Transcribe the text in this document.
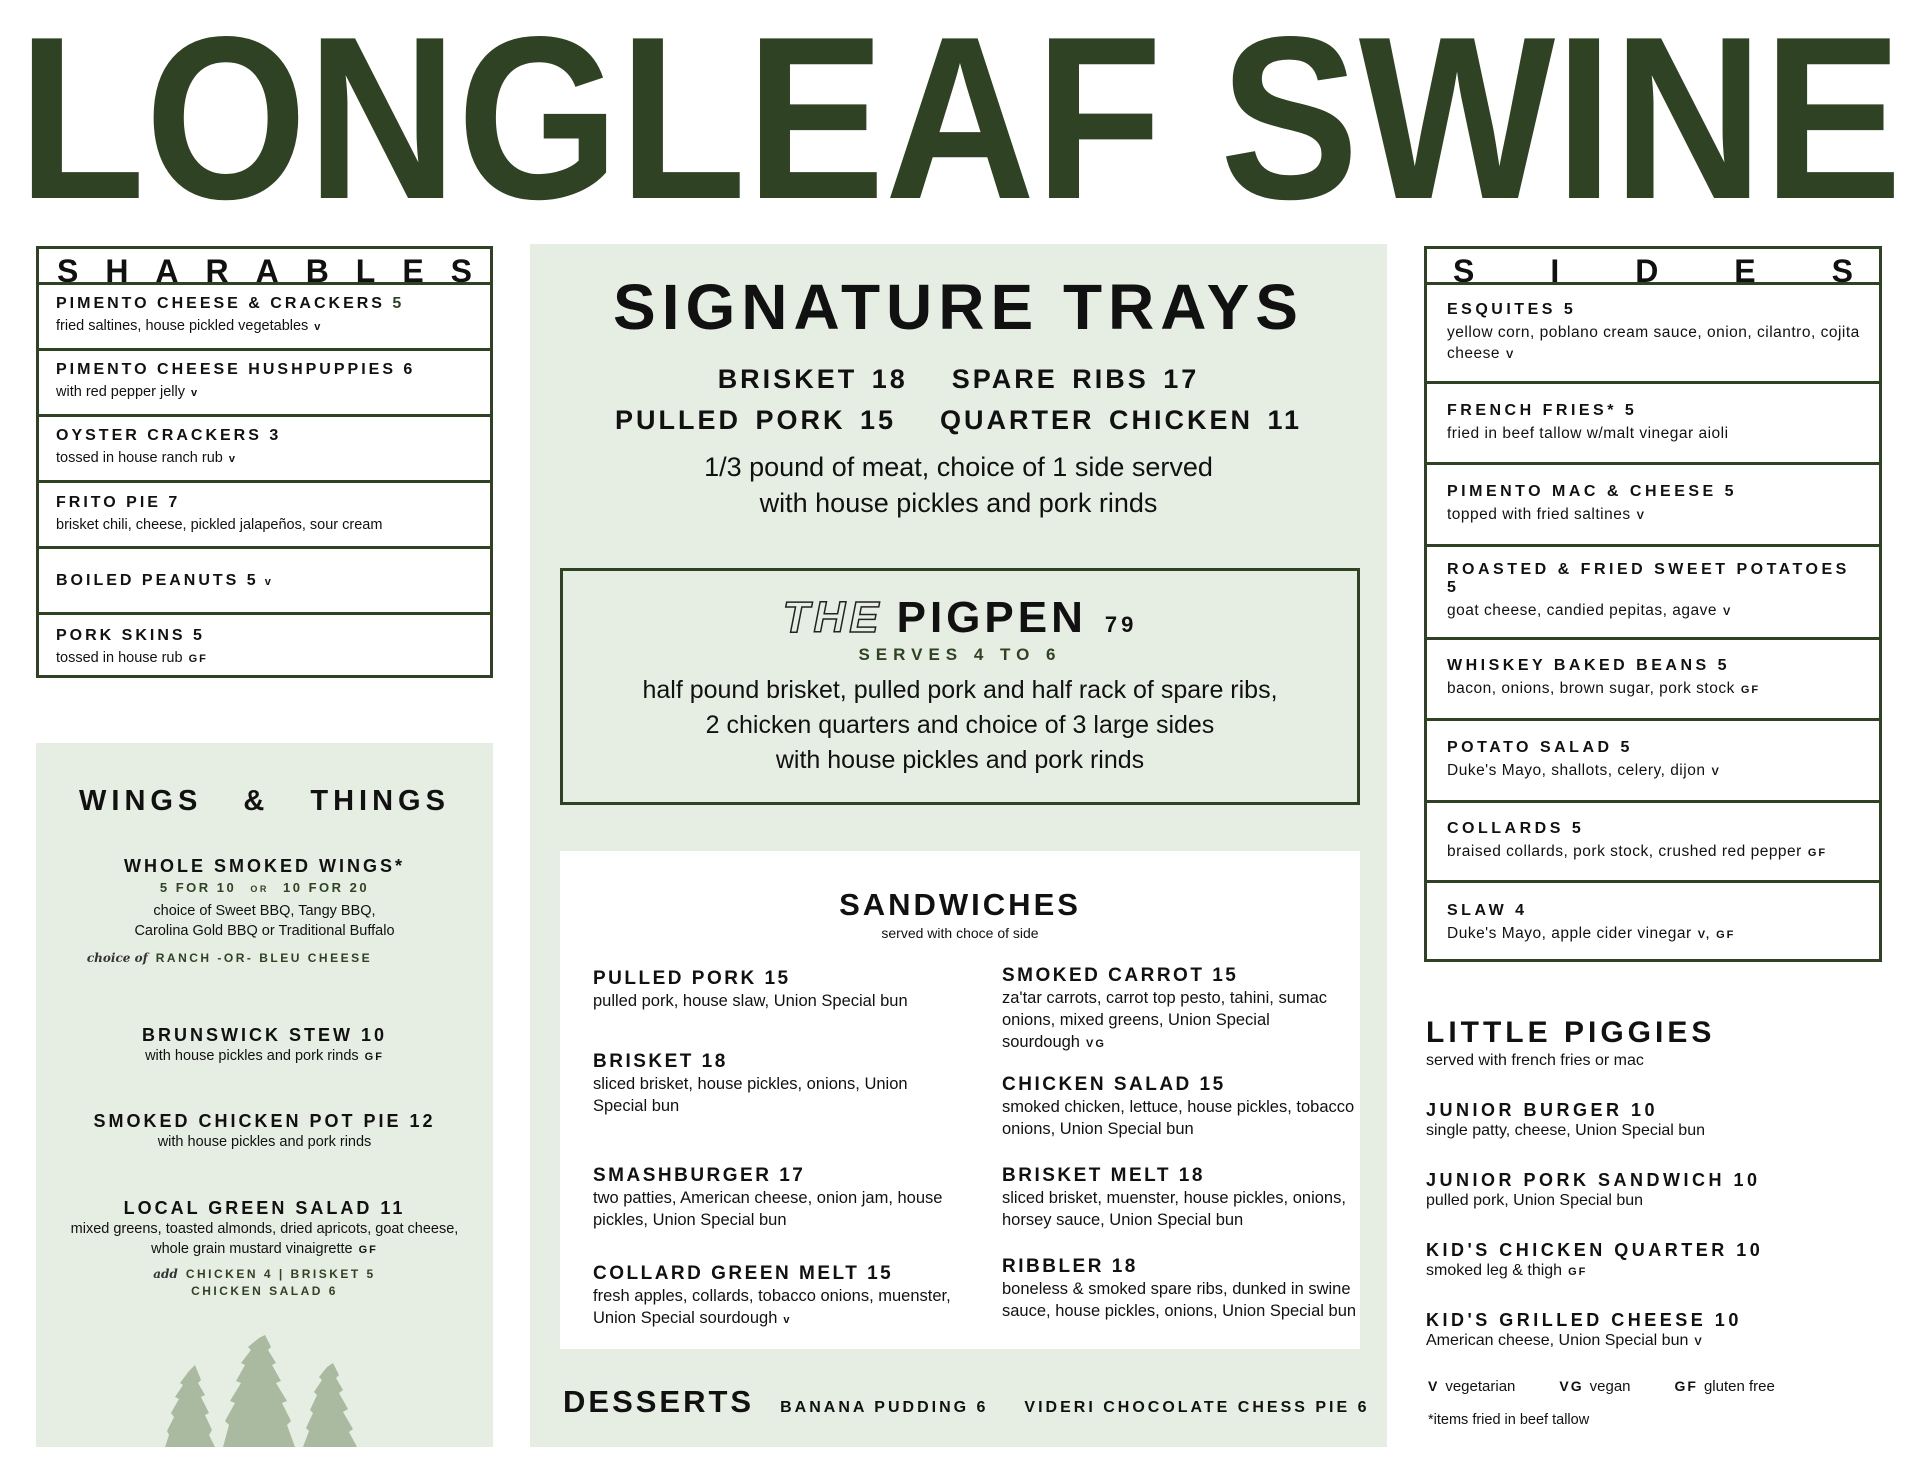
LONGLEAF SWINE
S H A R A B L E S
PIMENTO CHEESE & CRACKERS 5
fried saltines, house pickled vegetables v
PIMENTO CHEESE HUSHPUPPIES 6
with red pepper jelly v
OYSTER CRACKERS 3
tossed in house ranch rub v
FRITO PIE 7
brisket chili, cheese, pickled jalapeños, sour cream
BOILED PEANUTS 5 v
PORK SKINS 5
tossed in house rub GF
WINGS & THINGS
WHOLE SMOKED WINGS*
5 FOR 10 OR 10 FOR 20
choice of Sweet BBQ, Tangy BBQ,
Carolina Gold BBQ or Traditional Buffalo
choice of RANCH -OR- BLEU CHEESE
BRUNSWICK STEW 10
with house pickles and pork rinds GF
SMOKED CHICKEN POT PIE 12
with house pickles and pork rinds
LOCAL GREEN SALAD 11
mixed greens, toasted almonds, dried apricots, goat cheese, whole grain mustard vinaigrette GF
add CHICKEN 4 | BRISKET 5
CHICKEN SALAD 6
SIGNATURE TRAYS
BRISKET 18 SPARE RIBS 17
PULLED PORK 15 QUARTER CHICKEN 11
1/3 pound of meat, choice of 1 side served
with house pickles and pork rinds
THE PIGPEN 79
SERVES 4 TO 6
half pound brisket, pulled pork and half rack of spare ribs,
2 chicken quarters and choice of 3 large sides
with house pickles and pork rinds
SANDWICHES
served with choce of side
PULLED PORK 15
pulled pork, house slaw, Union Special bun
BRISKET 18
sliced brisket, house pickles, onions, Union Special bun
SMASHBURGER 17
two patties, American cheese, onion jam, house pickles, Union Special bun
COLLARD GREEN MELT 15
fresh apples, collards, tobacco onions, muenster, Union Special sourdough v
SMOKED CARROT 15
za'tar carrots, carrot top pesto, tahini, sumac onions, mixed greens, Union Special sourdough VG
CHICKEN SALAD 15
smoked chicken, lettuce, house pickles, tobacco onions, Union Special bun
BRISKET MELT 18
sliced brisket, muenster, house pickles, onions, horsey sauce, Union Special bun
RIBBLER 18
boneless & smoked spare ribs, dunked in swine sauce, house pickles, onions, Union Special bun
DESSERTS BANANA PUDDING 6 VIDERI CHOCOLATE CHESS PIE 6
S I D E S
ESQUITES 5
yellow corn, poblano cream sauce, onion, cilantro, cojita cheese V
FRENCH FRIES* 5
fried in beef tallow w/malt vinegar aioli
PIMENTO MAC & CHEESE 5
topped with fried saltines V
ROASTED & FRIED SWEET POTATOES 5
goat cheese, candied pepitas, agave V
WHISKEY BAKED BEANS 5
bacon, onions, brown sugar, pork stock GF
POTATO SALAD 5
Duke's Mayo, shallots, celery, dijon V
COLLARDS 5
braised collards, pork stock, crushed red pepper GF
SLAW 4
Duke's Mayo, apple cider vinegar V, GF
LITTLE PIGGIES
served with french fries or mac
JUNIOR BURGER 10
single patty, cheese, Union Special bun
JUNIOR PORK SANDWICH 10
pulled pork, Union Special bun
KID'S CHICKEN QUARTER 10
smoked leg & thigh GF
KID'S GRILLED CHEESE 10
American cheese, Union Special bun V
V vegetarian	VG vegan	GF gluten free
*items fried in beef tallow
